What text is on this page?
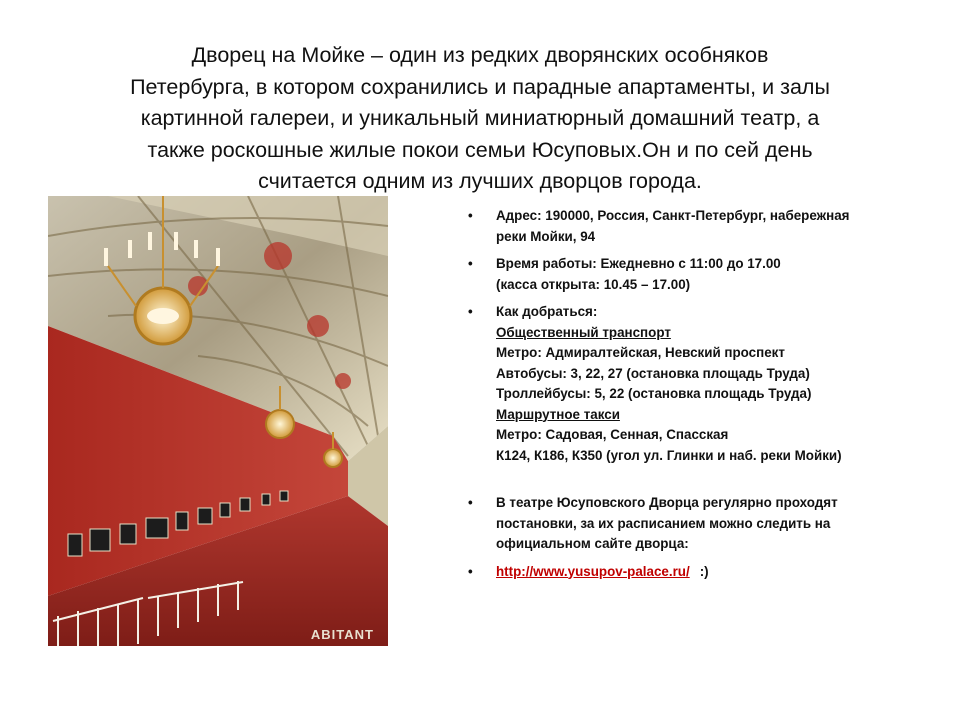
Дворец на Мойке – один из редких дворянских особняков
Петербурга, в котором сохранились и парадные апартаменты, и залы
картинной галереи, и уникальный миниатюрный домашний театр, а
также роскошные жилые покои семьи Юсуповых.Он и по сей день
считается одним из лучших дворцов города.
ABITANT
• Адрес: 190000, Россия, Санкт-Петербург, набережная
реки Мойки, 94
• Время работы: Ежедневно с 11:00 до 17.00
(касса открыта: 10.45 – 17.00)
• Как добраться:
Общественный транспорт
Метро: Адмиралтейская, Невский проспект
Автобусы: 3, 22, 27 (остановка площадь Труда)
Троллейбусы: 5, 22 (остановка площадь Труда)
Маршрутное такси
Метро: Садовая, Сенная, Спасская
К124, К186, К350 (угол ул. Глинки и наб. реки Мойки)
• В театре Юсуповского Дворца регулярно проходят
постановки, за их расписанием можно следить на
официальном сайте дворца:
• http://www.yusupov-palace.ru/ :)
